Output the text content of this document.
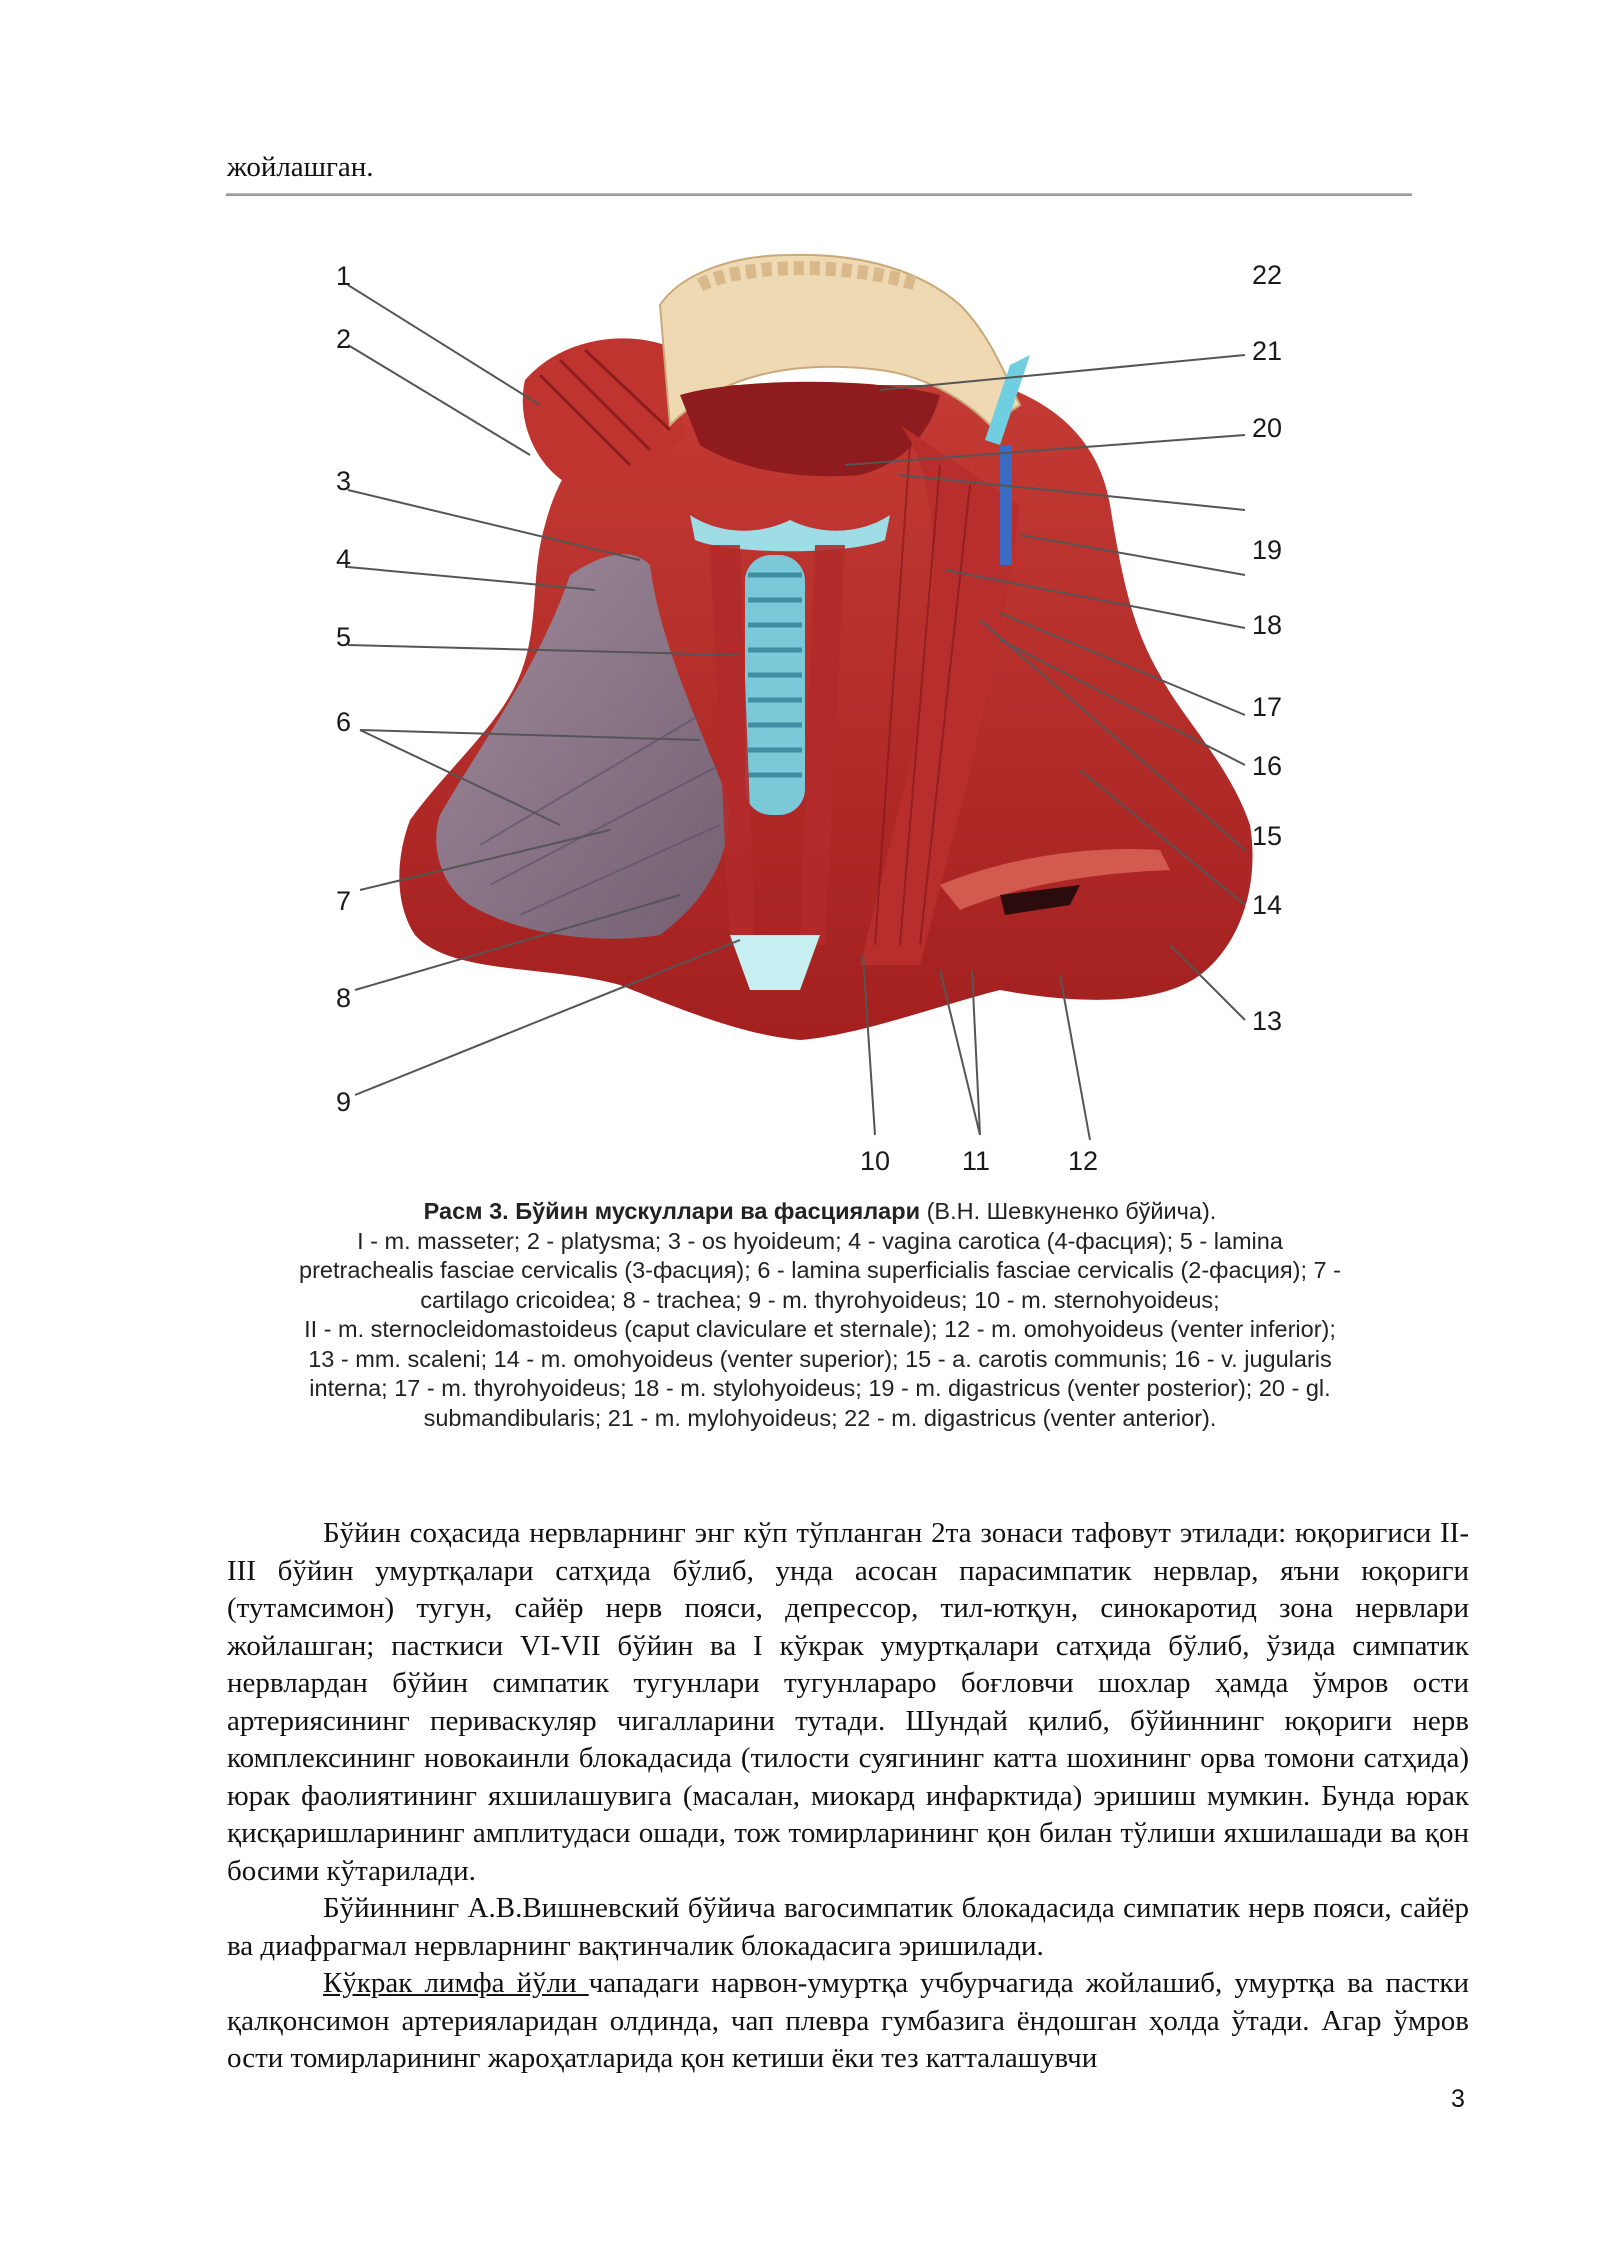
жойлашган.
1
2
3
4
5
6
7
8
9
10	11	12
13
14
15
16
17
18
19
20
21
22
Расм 3. Бўйин мускуллари ва фасциялари (В.Н. Шевкуненко бўйича).
I - m. masseter; 2 - platysma; 3 - os hyoideum; 4 - vagina carotica (4-фасция); 5 - lamina pretrachealis fasciae cervicalis (3-фасция); 6 - lamina superficialis fasciae cervicalis (2-фасция); 7 - cartilago cricoidea; 8 - trachea; 9 - m. thyrohyoideus; 10 - m. sternohyoideus;
II - m. sternocleidomastoideus (caput claviculare et sternale); 12 - m. omohyoideus (venter inferior); 13 - mm. scaleni; 14 - m. omohyoideus (venter superior); 15 - a. carotis communis; 16 - v. jugularis interna; 17 - m. thyrohyoideus; 18 - m. stylohyoideus; 19 - m. digastricus (venter posterior); 20 - gl. submandibularis; 21 - m. mylohyoideus; 22 - m. digastricus (venter anterior).

Бўйин соҳасида нервларнинг энг кўп тўпланган 2та зонаси тафовут этилади: юқоригиси II-III бўйин умуртқалари сатҳида бўлиб, унда асосан парасимпатик нервлар, яъни юқориги (тутамсимон) тугун, сайёр нерв пояси, депрессор, тил-ютқун, синокаротид зона нервлари жойлашган; пасткиси VI-VII бўйин ва I кўкрак умуртқалари сатҳида бўлиб, ўзида симпатик нервлардан бўйин симпатик тугунлари тугунлараро боғловчи шохлар ҳамда ўмров ости артериясининг периваскуляр чигалларини тутади. Шундай қилиб, бўйиннинг юқориги нерв комплексининг новокаинли блокадасида (тилости суягининг катта шохининг орва томони сатҳида) юрак фаолиятининг яхшилашувига (масалан, миокард инфарктида) эришиш мумкин. Бунда юрак қисқаришларининг амплитудаси ошади, тож томирларининг қон билан тўлиши яхшилашади ва қон босими кўтарилади.

Бўйиннинг А.В.Вишневский бўйича вагосимпатик блокадасида симпатик нерв пояси, сайёр ва диафрагмал нервларнинг вақтинчалик блокадасига эришилади.

Кўкрак лимфа йўли чападаги нарвон-умуртқа учбурчагида жойлашиб, умуртқа ва пастки қалқонсимон артерияларидан олдинда, чап плевра гумбазига ёндошган ҳолда ўтади. Агар ўмров ости томирларининг жароҳатларида қон кетиши ёки тез катталашувчи

3
